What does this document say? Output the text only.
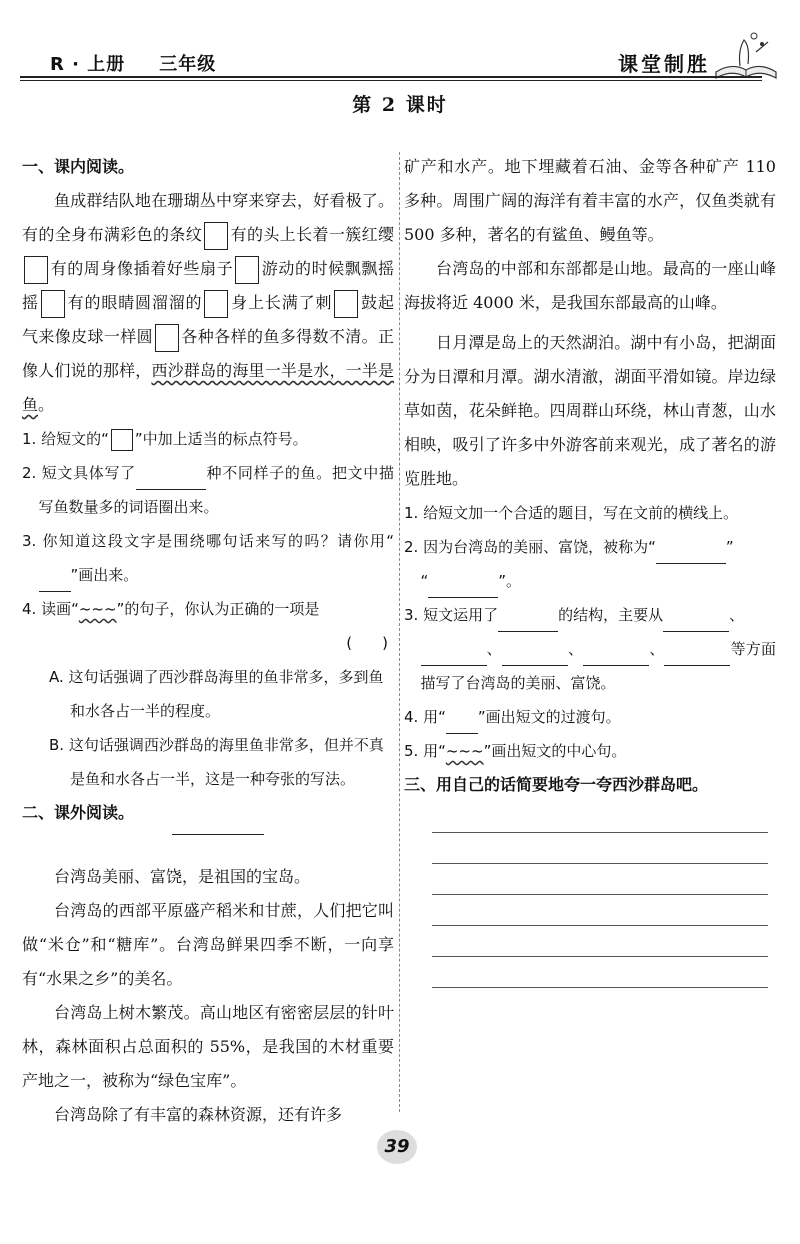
R · 上册 三年级	课堂制胜
第 2 课时
一、课内阅读。
鱼成群结队地在珊瑚丛中穿来穿去，好看极了。有的全身布满彩色的条纹 有的头上长着一簇红缨有的周身像插着好些扇子 游动的时候飘飘摇摇 有的眼睛圆溜溜的 身上长满了刺 鼓起气来像皮球一样圆 各种各样的鱼多得数不清。正像人们说的那样，西沙群岛的海里一半是水，一半是鱼。
1. 给短文的“ ”中加上适当的标点符号。
2. 短文具体写了	种不同样子的鱼。把文中描写鱼数量多的词语圈出来。
3. 你知道这段文字是围绕哪句话来写的吗？请你用“”画出来。
4. 读画“~~~”的句子，你认为正确的一项是
(　　)
A. 这句话强调了西沙群岛海里的鱼非常多，多到鱼和水各占一半的程度。
B. 这句话强调西沙群岛的海里鱼非常多，但并不真是鱼和水各占一半，这是一种夸张的写法。
二、课外阅读。
台湾岛美丽、富饶，是祖国的宝岛。
台湾岛的西部平原盛产稻米和甘蔗，人们把它叫做“米仓”和“糖库”。台湾岛鲜果四季不断，一向享有“水果之乡”的美名。
台湾岛上树木繁茂。高山地区有密密层层的针叶林，森林面积占总面积的 55%，是我国的木材重要产地之一，被称为“绿色宝库”。
台湾岛除了有丰富的森林资源，还有许多
矿产和水产。地下埋藏着石油、金等各种矿产 110 多种。周围广阔的海洋有着丰富的水产，仅鱼类就有 500 多种，著名的有鲨鱼、鳗鱼等。
台湾岛的中部和东部都是山地。最高的一座山峰海拔将近 4000 米，是我国东部最高的山峰。
日月潭是岛上的天然湖泊。湖中有小岛，把湖面分为日潭和月潭。湖水清澈，湖面平滑如镜。岸边绿草如茵，花朵鲜艳。四周群山环绕，林山青葱，山水相映，吸引了许多中外游客前来观光，成了著名的游览胜地。
1. 给短文加一个合适的题目，写在文前的横线上。
2. 因为台湾岛的美丽、富饶，被称为“	”
“	”。
3. 短文运用了	的结构，主要从	、
、	、	、	等方面描写了台湾岛的美丽、富饶。
4. 用“ ”画出短文的过渡句。
5. 用“~~~”画出短文的中心句。
三、用自己的话简要地夸一夸西沙群岛吧。
39
